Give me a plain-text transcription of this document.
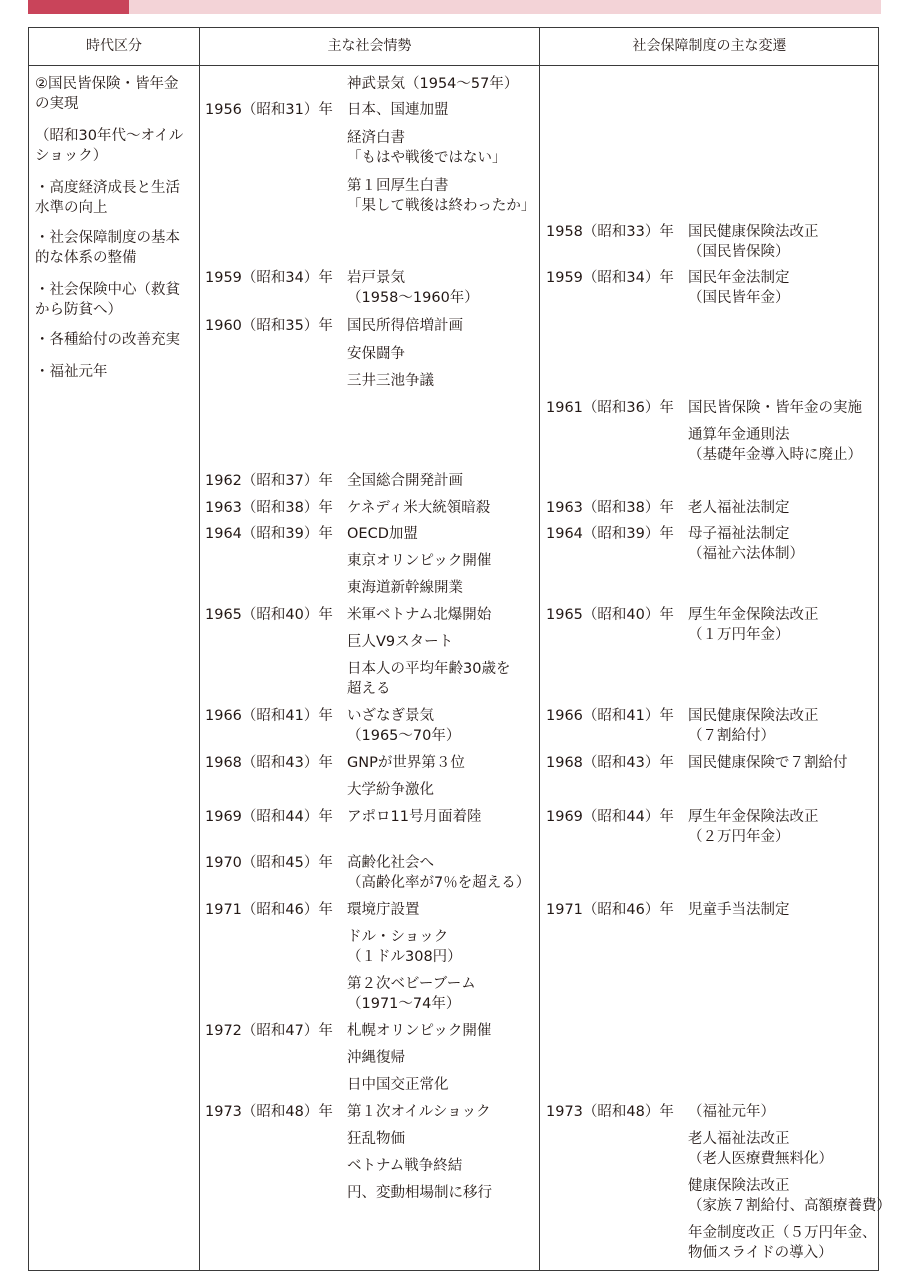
時代区分	主な社会情勢	社会保障制度の主な変遷
②国民皆保険・皆年金
の実現
（昭和30年代〜オイル
ショック）
・高度経済成長と生活
水準の向上
・社会保障制度の基本
的な体系の整備
・社会保険中心（救貧
から防貧へ）
・各種給付の改善充実
・福祉元年
1956（昭和31）年
1959（昭和34）年
1960（昭和35）年
1962（昭和37）年
1963（昭和38）年
1964（昭和39）年
1965（昭和40）年
1966（昭和41）年
1968（昭和43）年
1969（昭和44）年
1970（昭和45）年
1971（昭和46）年
1972（昭和47）年
1973（昭和48）年
神武景気（1954〜57年）
日本、国連加盟
経済白書
「もはや戦後ではない」
第１回厚生白書
「果して戦後は終わったか」
岩戸景気
（1958〜1960年）
国民所得倍増計画
安保闘争
三井三池争議
全国総合開発計画
ケネディ米大統領暗殺
OECD加盟
東京オリンピック開催
東海道新幹線開業
米軍ベトナム北爆開始
巨人V9スタート
日本人の平均年齢30歳を
超える
いざなぎ景気
（1965〜70年）
GNPが世界第３位
大学紛争激化
アポロ11号月面着陸
高齢化社会へ
（高齢化率が7％を超える）
環境庁設置
ドル・ショック
（１ドル308円）
第２次ベビーブーム
（1971〜74年）
札幌オリンピック開催
沖縄復帰
日中国交正常化
第１次オイルショック
狂乱物価
ベトナム戦争終結
円、変動相場制に移行
1958（昭和33）年
1959（昭和34）年
1961（昭和36）年
1963（昭和38）年
1964（昭和39）年
1965（昭和40）年
1966（昭和41）年
1968（昭和43）年
1969（昭和44）年
1971（昭和46）年
1973（昭和48）年
国民健康保険法改正
（国民皆保険）
国民年金法制定
（国民皆年金）
国民皆保険・皆年金の実施
通算年金通則法
（基礎年金導入時に廃止）
老人福祉法制定
母子福祉法制定
（福祉六法体制）
厚生年金保険法改正
（１万円年金）
国民健康保険法改正
（７割給付）
国民健康保険で７割給付
厚生年金保険法改正
（２万円年金）
児童手当法制定
（福祉元年）
老人福祉法改正
（老人医療費無料化）
健康保険法改正
（家族７割給付、高額療養費）
年金制度改正（５万円年金、
物価スライドの導入）
